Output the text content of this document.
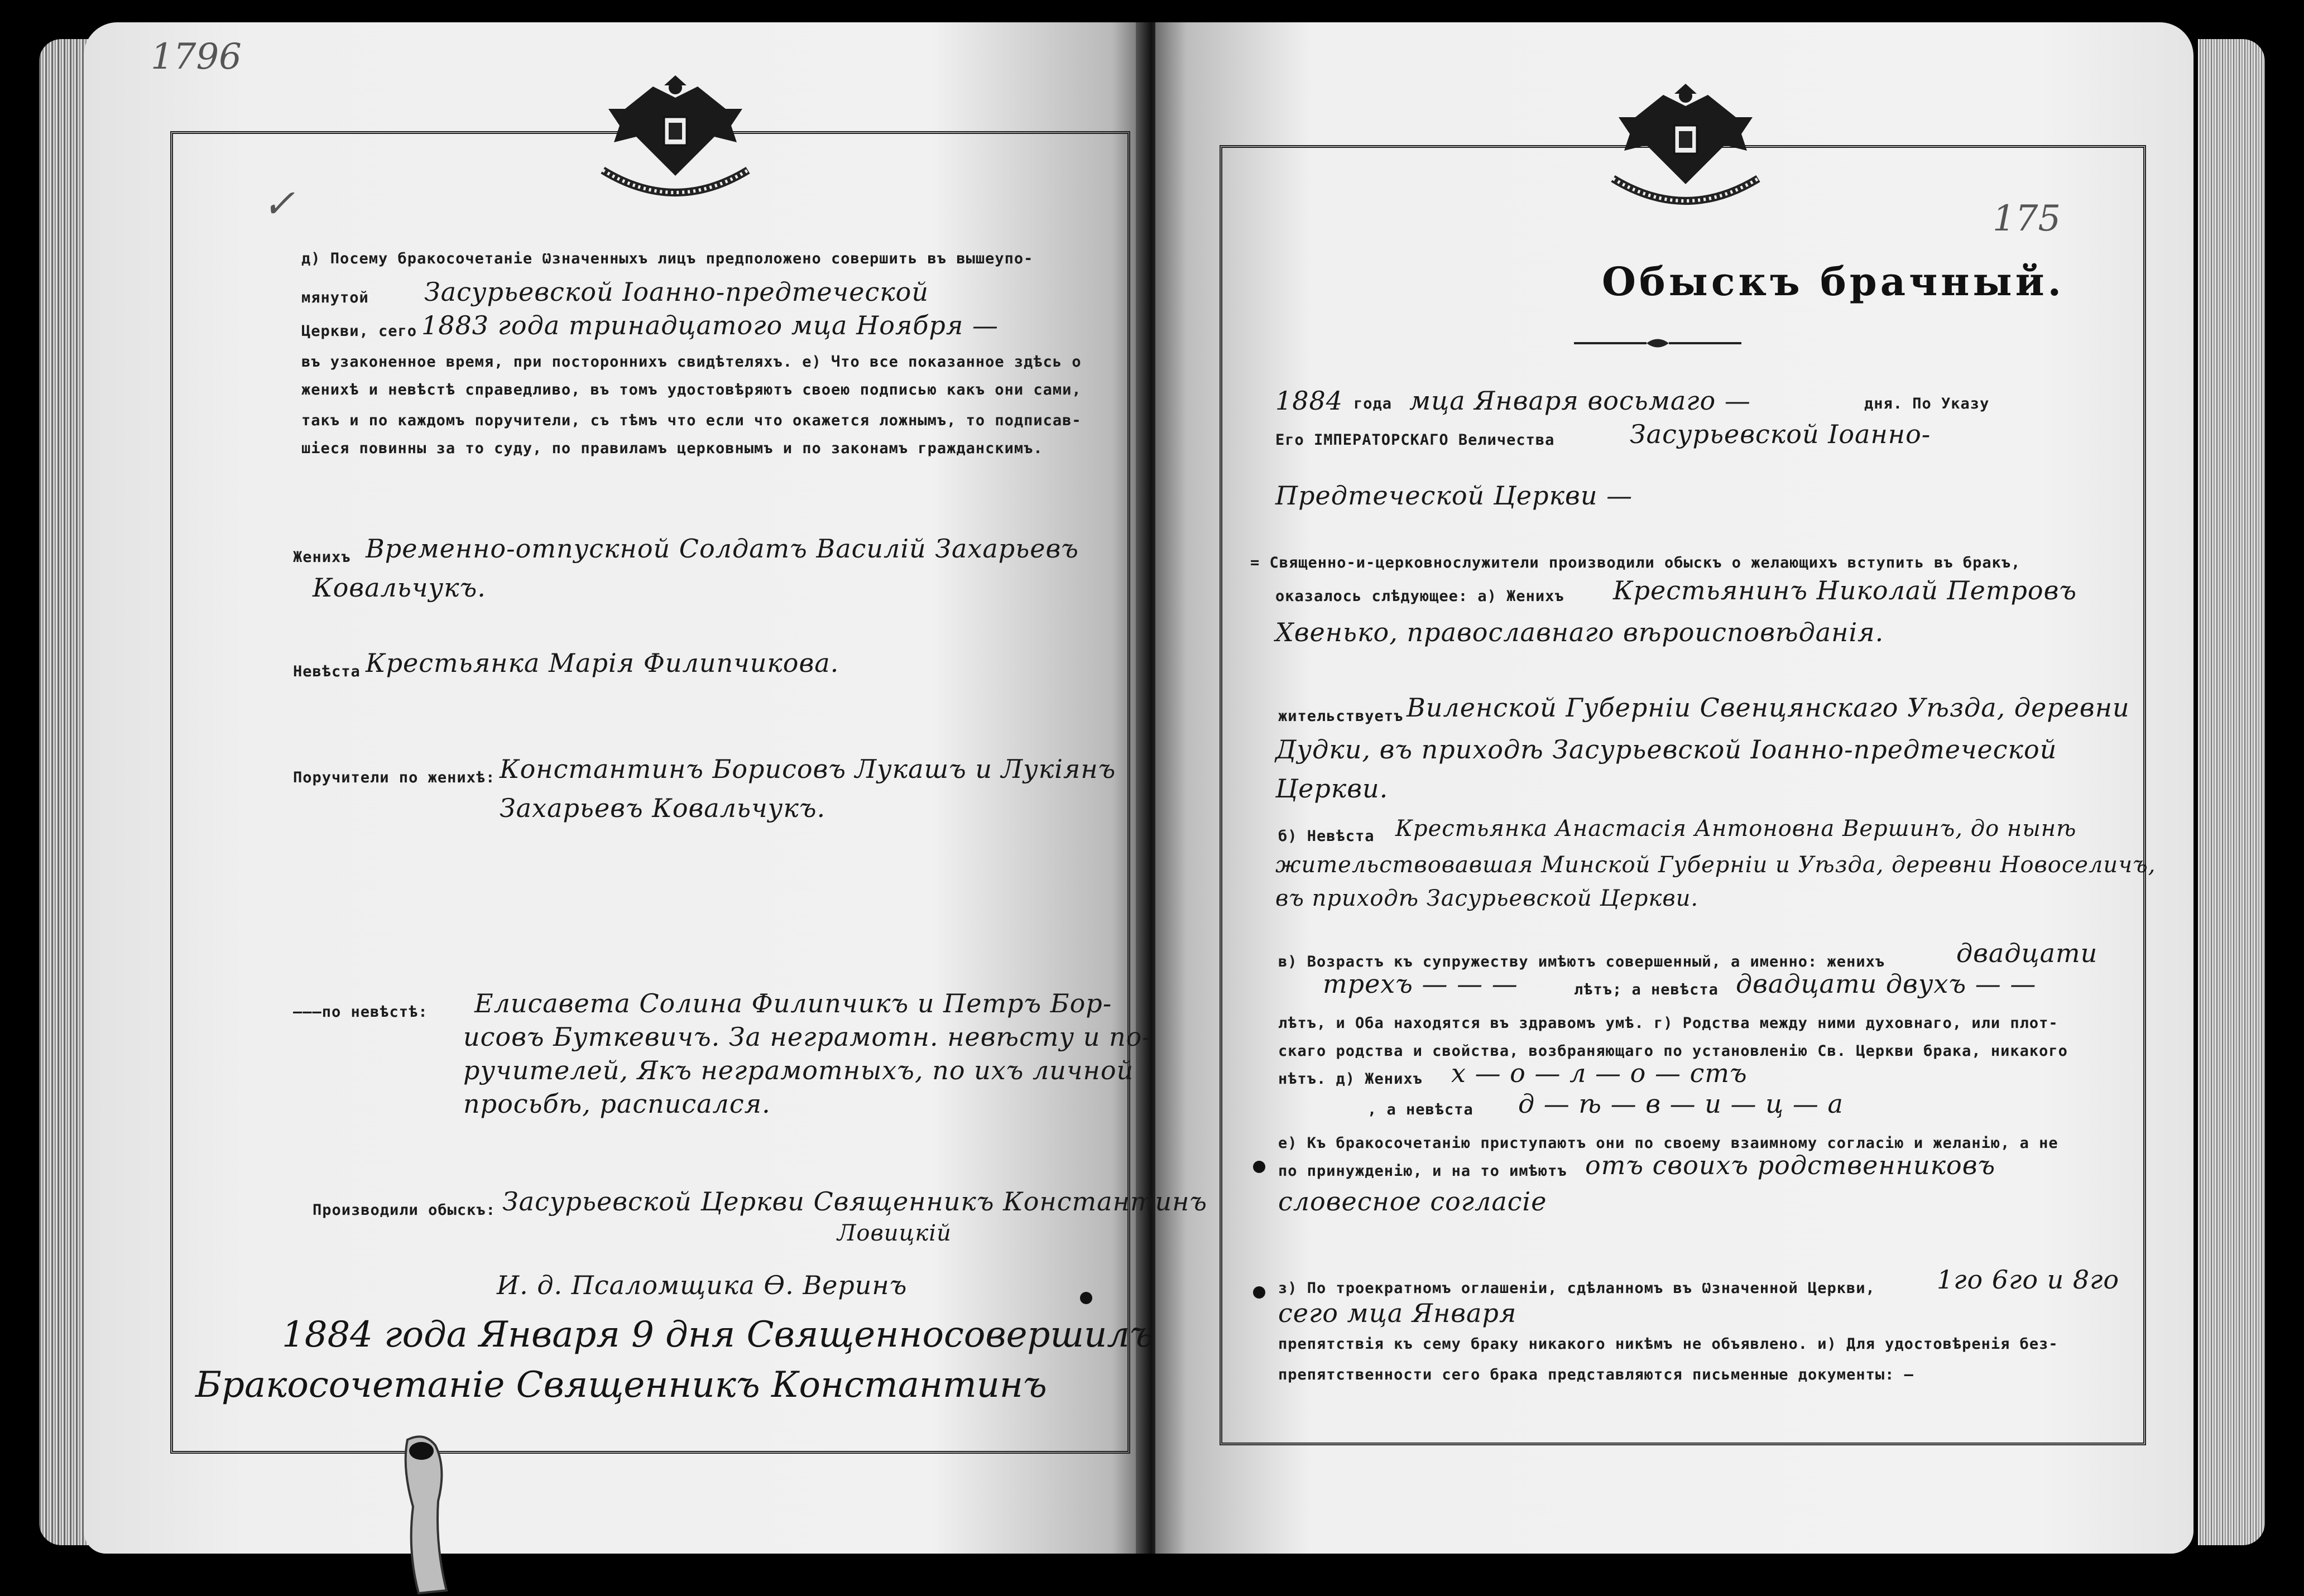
1796
✓
д) Посему бракосочетаніе Ѡзначенныхъ лицъ предположено совершить въ вышеупо-
мянутой Засурьевской Іоанно-предтеческой
Церкви, сего 1883 года тринадцатого мца Ноября —
въ узаконенное время, при постороннихъ свидѣтеляхъ. е) Что все показанное здѣсь о
женихѣ и невѣстѣ справедливо, въ томъ удостовѣряютъ своею подписью какъ они сами,
такъ и по каждомъ поручители, съ тѣмъ что если что окажется ложнымъ, то подписав-
шіеся повинны за то суду, по правиламъ церковнымъ и по законамъ гражданскимъ.
Женихъ Временно-отпускной Солдатъ Василій Захарьевъ
Ковальчукъ.
Невѣста Крестьянка Марія Филипчикова.
Поручители по женихѣ: Константинъ Борисовъ Лукашъ и Лукіянъ
Захарьевъ Ковальчукъ.
———по невѣстѣ: Елисавета Солина Филипчикъ и Петръ Бор-
исовъ Буткевичъ. За неграмотн. невѣсту и по-
ручителей, Якъ неграмотныхъ, по ихъ личной
просьбѣ, расписался.
Производили обыскъ: Засурьевской Церкви Священникъ Константинъ
Ловицкій
И. д. Псаломщика Ѳ. Веринъ
1884 года Января 9 дня Священносовершилъ
Бракосочетаніе Священникъ Константинъ
175
Обыскъ брачный.
1884 года мца Января восьмаго —	дня. По Указу
Его ІМПЕРАТОРСКАГО Величества	Засурьевской Іоанно-
Предтеческой Церкви —
= Священно-и-церковнослужители производили обыскъ о желающихъ вступить въ бракъ,
оказалось слѣдующее: а) Женихъ Крестьянинъ Николай Петровъ
Хвенько, православнаго вѣроисповѣданія.
жительствуетъ Виленской Губерніи Свенцянскаго Уѣзда, деревни
Дудки, въ приходѣ Засурьевской Іоанно-предтеческой
Церкви.
б) Невѣста Крестьянка Анастасія Антоновна Вершинъ, до нынѣ
жительствовавшая Минской Губерніи и Уѣзда, деревни Новоселичъ,
въ приходѣ Засурьевской Церкви.
в) Возрастъ къ супружеству имѣютъ совершенный, а именно: женихъ	двадцати
трехъ — — —	лѣтъ; а невѣста двадцати двухъ — —
лѣтъ, и Оба находятся въ здравомъ умѣ. г) Родства между ними духовнаго, или плот-
скаго родства и свойства, возбраняющаго по установленію Св. Церкви брака, никакого
нѣтъ. д) Женихъ х — о — л — о — стъ
, а невѣста д — ѣ — в — и — ц — а
е) Къ бракосочетанію приступаютъ они по своему взаимному согласію и желанію, а не
по принужденію, и на то имѣютъ отъ своихъ родственниковъ
словесное согласіе
з) По троекратномъ оглашеніи, сдѣланномъ въ Ѡзначенной Церкви, 1го 6го и 8го
сего мца Января
препятствія къ сему браку никакого никѣмъ не объявлено. и) Для удостовѣренія без-
препятственности сего брака представляются письменные документы: —
